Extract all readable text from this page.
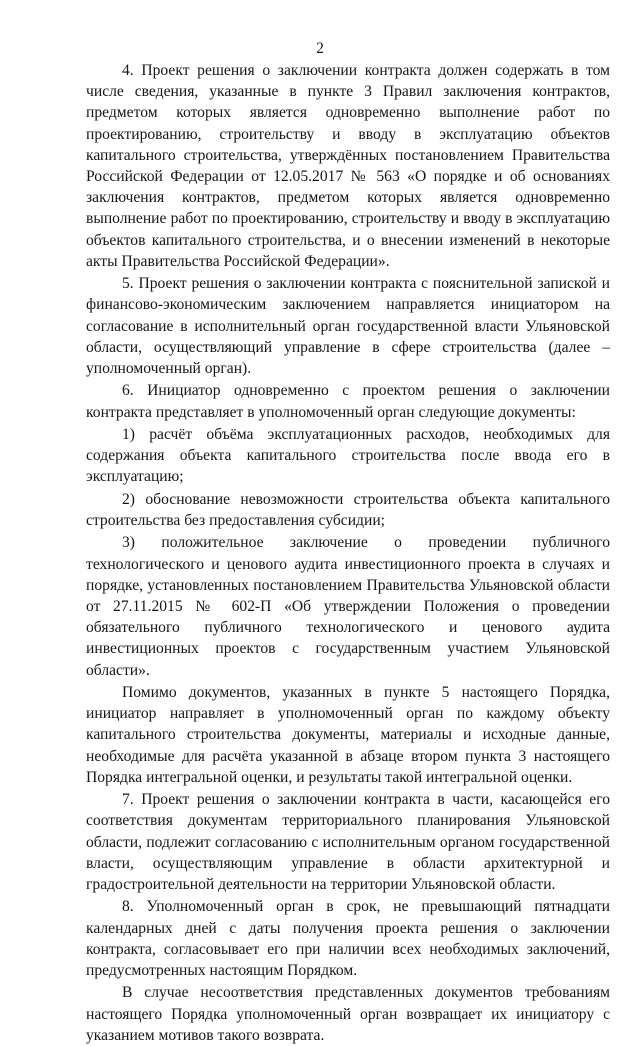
2

4. Проект решения о заключении контракта должен содержать в том числе сведения, указанные в пункте 3 Правил заключения контрактов, предметом которых является одновременно выполнение работ по проектированию, строительству и вводу в эксплуатацию объектов капитального строительства, утверждённых постановлением Правительства Российской Федерации от 12.05.2017 № 563 «О порядке и об основаниях заключения контрактов, предметом которых является одновременно выполнение работ по проектированию, строительству и вводу в эксплуатацию объектов капитального строительства, и о внесении изменений в некоторые акты Правительства Российской Федерации».

5. Проект решения о заключении контракта с пояснительной запиской и финансово-экономическим заключением направляется инициатором на согласование в исполнительный орган государственной власти Ульяновской области, осуществляющий управление в сфере строительства (далее – уполномоченный орган).

6. Инициатор одновременно с проектом решения о заключении контракта представляет в уполномоченный орган следующие документы:

1) расчёт объёма эксплуатационных расходов, необходимых для содержания объекта капитального строительства после ввода его в эксплуатацию;

2) обоснование невозможности строительства объекта капитального строительства без предоставления субсидии;

3) положительное заключение о проведении публичного технологического и ценового аудита инвестиционного проекта в случаях и порядке, установленных постановлением Правительства Ульяновской области от 27.11.2015 № 602-П «Об утверждении Положения о проведении обязательного публичного технологического и ценового аудита инвестиционных проектов с государственным участием Ульяновской области».

Помимо документов, указанных в пункте 5 настоящего Порядка, инициатор направляет в уполномоченный орган по каждому объекту капитального строительства документы, материалы и исходные данные, необходимые для расчёта указанной в абзаце втором пункта 3 настоящего Порядка интегральной оценки, и результаты такой интегральной оценки.

7. Проект решения о заключении контракта в части, касающейся его соответствия документам территориального планирования Ульяновской области, подлежит согласованию с исполнительным органом государственной власти, осуществляющим управление в области архитектурной и градостроительной деятельности на территории Ульяновской области.

8. Уполномоченный орган в срок, не превышающий пятнадцати календарных дней с даты получения проекта решения о заключении контракта, согласовывает его при наличии всех необходимых заключений, предусмотренных настоящим Порядком.

В случае несоответствия представленных документов требованиям настоящего Порядка уполномоченный орган возвращает их инициатору с указанием мотивов такого возврата.
